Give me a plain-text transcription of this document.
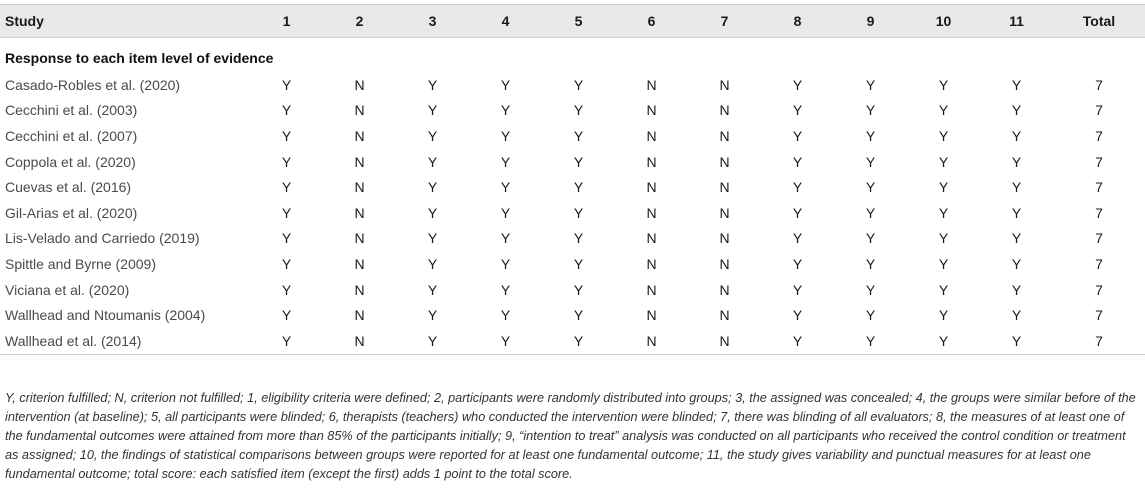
Study	1	2	3	4	5	6	7	8	9	10	11	Total
Response to each item level of evidence												
Casado-Robles et al. (2020)	Y	N	Y	Y	Y	N	N	Y	Y	Y	Y	7
Cecchini et al. (2003)	Y	N	Y	Y	Y	N	N	Y	Y	Y	Y	7
Cecchini et al. (2007)	Y	N	Y	Y	Y	N	N	Y	Y	Y	Y	7
Coppola et al. (2020)	Y	N	Y	Y	Y	N	N	Y	Y	Y	Y	7
Cuevas et al. (2016)	Y	N	Y	Y	Y	N	N	Y	Y	Y	Y	7
Gil-Arias et al. (2020)	Y	N	Y	Y	Y	N	N	Y	Y	Y	Y	7
Lis-Velado and Carriedo (2019)	Y	N	Y	Y	Y	N	N	Y	Y	Y	Y	7
Spittle and Byrne (2009)	Y	N	Y	Y	Y	N	N	Y	Y	Y	Y	7
Viciana et al. (2020)	Y	N	Y	Y	Y	N	N	Y	Y	Y	Y	7
Wallhead and Ntoumanis (2004)	Y	N	Y	Y	Y	N	N	Y	Y	Y	Y	7
Wallhead et al. (2014)	Y	N	Y	Y	Y	N	N	Y	Y	Y	Y	7

Y, criterion fulfilled; N, criterion not fulfilled; 1, eligibility criteria were defined; 2, participants were randomly distributed into groups; 3, the assigned was concealed; 4, the groups were similar before of the intervention (at baseline); 5, all participants were blinded; 6, therapists (teachers) who conducted the intervention were blinded; 7, there was blinding of all evaluators; 8, the measures of at least one of the fundamental outcomes were attained from more than 85% of the participants initially; 9, “intention to treat” analysis was conducted on all participants who received the control condition or treatment as assigned; 10, the findings of statistical comparisons between groups were reported for at least one fundamental outcome; 11, the study gives variability and punctual measures for at least one fundamental outcome; total score: each satisfied item (except the first) adds 1 point to the total score.
